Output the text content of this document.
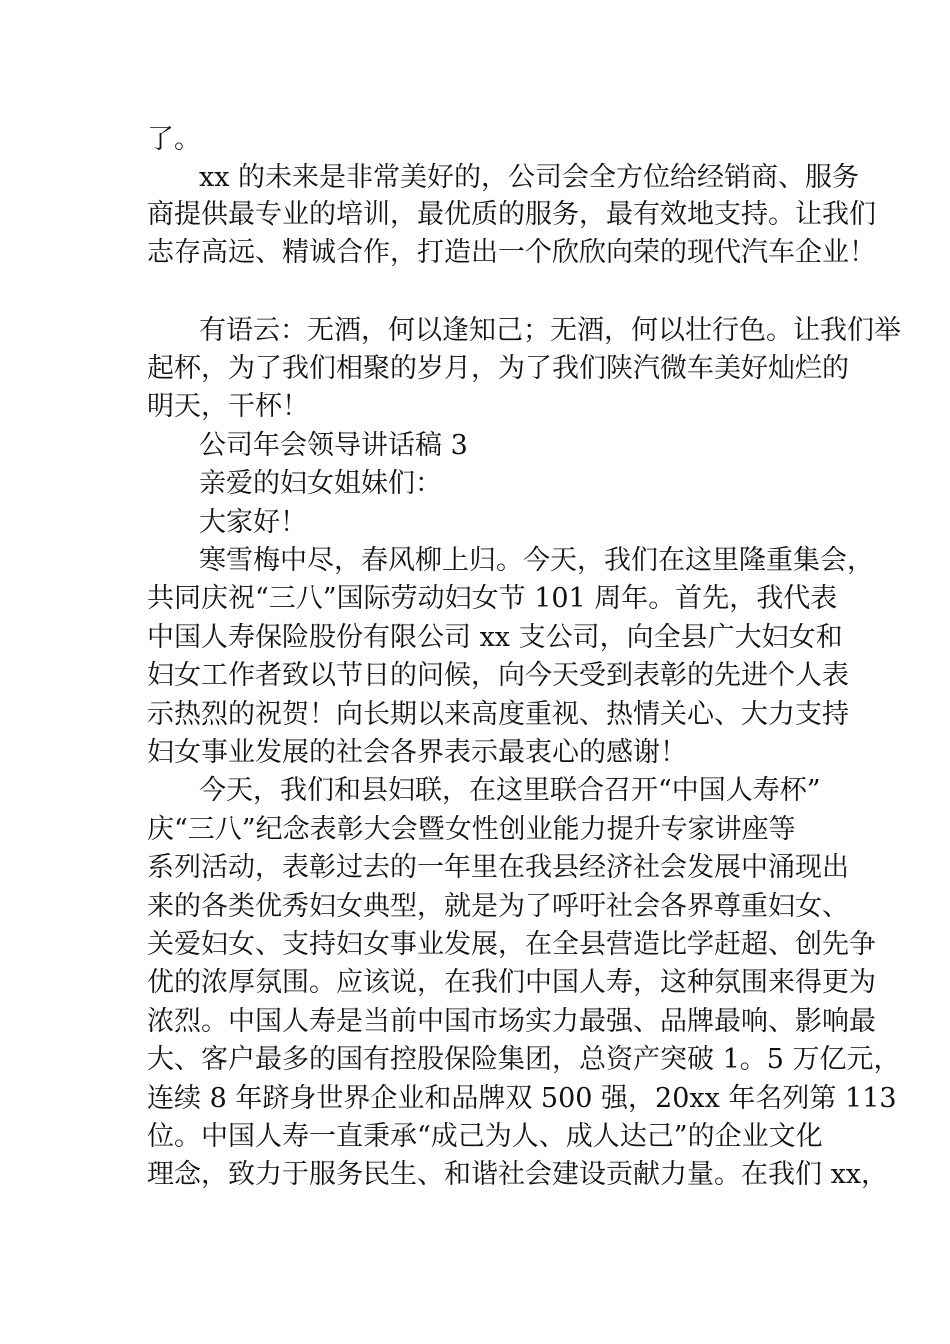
了。
xx 的未来是非常美好的，公司会全方位给经销商、服务
商提供最专业的培训，最优质的服务，最有效地支持。让我们
志存高远、精诚合作，打造出一个欣欣向荣的现代汽车企业！
有语云：无酒，何以逢知己；无酒，何以壮行色。让我们举
起杯，为了我们相聚的岁月，为了我们陕汽微车美好灿烂的
明天，干杯！
公司年会领导讲话稿 3
亲爱的妇女姐妹们：
大家好！
寒雪梅中尽，春风柳上归。今天，我们在这里隆重集会，
共同庆祝“三八”国际劳动妇女节 101 周年。首先，我代表
中国人寿保险股份有限公司 xx 支公司，向全县广大妇女和
妇女工作者致以节日的问候，向今天受到表彰的先进个人表
示热烈的祝贺！向长期以来高度重视、热情关心、大力支持
妇女事业发展的社会各界表示最衷心的感谢！
今天，我们和县妇联，在这里联合召开“中国人寿杯”
庆“三八”纪念表彰大会暨女性创业能力提升专家讲座等
系列活动，表彰过去的一年里在我县经济社会发展中涌现出
来的各类优秀妇女典型，就是为了呼吁社会各界尊重妇女、
关爱妇女、支持妇女事业发展，在全县营造比学赶超、创先争
优的浓厚氛围。应该说，在我们中国人寿，这种氛围来得更为
浓烈。中国人寿是当前中国市场实力最强、品牌最响、影响最
大、客户最多的国有控股保险集团，总资产突破 1。5 万亿元，
连续 8 年跻身世界企业和品牌双 500 强，20xx 年名列第 113
位。中国人寿一直秉承“成己为人、成人达己”的企业文化
理念，致力于服务民生、和谐社会建设贡献力量。在我们 xx，
